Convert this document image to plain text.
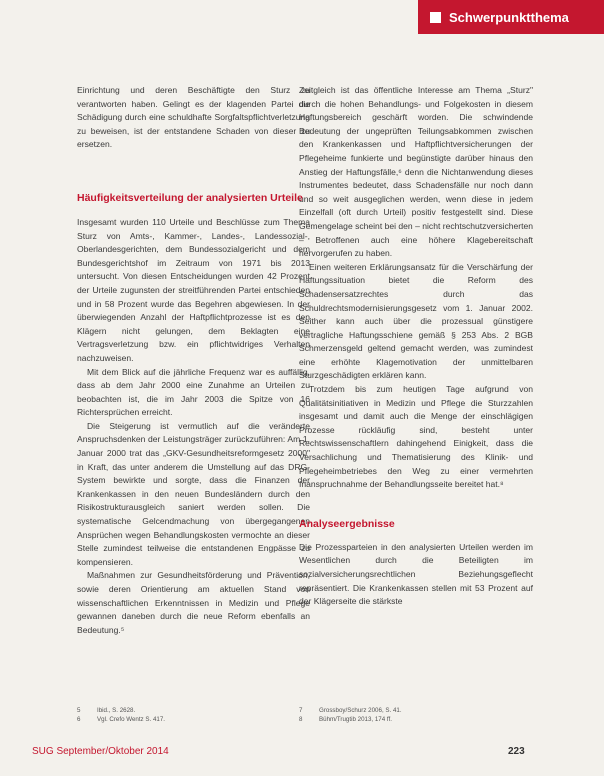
Schwerpunktthema

Einrichtung und deren Beschäftigte den Sturz zu verantworten haben. Gelingt es der klagenden Partei die Schädigung durch eine schuldhafte Sorgfaltspflichtverletzung zu beweisen, ist der entstandene Schaden von dieser zu ersetzen.

Häufigkeitsverteilung der analysierten Urteile

Insgesamt wurden 110 Urteile und Beschlüsse zum Thema Sturz von Amts-, Kammer-, Landes-, Landessozial-, Oberlandesgerichten, dem Bundessozialgericht und dem Bundesgerichtshof im Zeitraum von 1971 bis 2013 untersucht. Von diesen Entscheidungen wurden 42 Prozent der Urteile zugunsten der streitführenden Partei entschieden und in 58 Prozent wurde das Begehren abgewiesen. In der überwiegenden Anzahl der Haftpflichtprozesse ist es den Klägern nicht gelungen, dem Beklagten eine Vertragsverletzung bzw. ein pflichtwidriges Verhalten nachzuweisen.

Mit dem Blick auf die jährliche Frequenz war es auffällig, dass ab dem Jahr 2000 eine Zunahme an Urteilen zu beobachten ist, die im Jahr 2003 die Spitze von 16 Richtersprüchen erreicht.

Die Steigerung ist vermutlich auf die veränderte Anspruchsdenken der Leistungsträger zurückzuführen: Am 1. Januar 2000 trat das „GKV-Gesundheitsreformgesetz 2000" in Kraft, das unter anderem die Umstellung auf das DRG-System bewirkte und sorgte, dass die Finanzen der Krankenkassen in den neuen Bundesländern durch den Risikostrukturausgleich saniert werden sollen. Die systematische Gelcendmachung von übergegangenen Ansprüchen wegen Behandlungskosten vermochte an dieser Stelle zumindest teilweise die entstandenen Engpässe zu kompensieren.

Maßnahmen zur Gesundheitsförderung und Prävention, sowie deren Orientierung am aktuellen Stand von wissenschaftlichen Erkenntnissen in Medizin und Pflege gewannen daneben durch die neue Reform ebenfalls an Bedeutung.⁵

Zeitgleich ist das öffentliche Interesse am Thema „Sturz" durch die hohen Behandlungs- und Folgekosten in diesem Haftungsbereich geschärft worden. Die schwindende Bedeutung der ungeprüften Teilungsabkommen zwischen den Krankenkassen und Haftpflichtversicherungen der Pflegeheime funkierte und begünstigte darüber hinaus den Anstieg der Haftungsfälle,⁶ denn die Nichtanwendung dieses Instrumentes bedeutet, dass Schadensfälle nur noch dann und so weit ausgeglichen werden, wenn diese in jedem Einzelfall (oft durch Urteil) positiv festgestellt sind. Diese Gemengelage scheint bei den – nicht rechtschutzversicherten – Betroffenen auch eine höhere Klagebereitschaft hervorgerufen zu haben.

Einen weiteren Erklärungsansatz für die Verschärfung der Haftungssituation bietet die Reform des Schadensersatzrechtes durch das Schuldrechtsmodernisierungsgesetz vom 1. Januar 2002. Seither kann auch über die prozessual günstigere vertragliche Haftungsschiene gemäß § 253 Abs. 2 BGB Schmerzensgeld geltend gemacht werden, was zumindest eine erhöhte Klagemotivation der unmittelbaren Sturzgeschädigten erklären kann.

Trotzdem bis zum heutigen Tage aufgrund von Qualitätsinitiativen in Medizin und Pflege die Sturzzahlen insgesamt und damit auch die Menge der einschlägigen Prozesse rückläufig sind, besteht unter Rechtswissenschaftlern dahingehend Einigkeit, dass die Versachlichung und Thematisierung des Klinik- und Pflegeheimbetriebes den Weg zu einer vermehrten Inanspruchnahme der Behandlungsseite bereitet hat.⁸

Analyseergebnisse

Die Prozessparteien in den analysierten Urteilen werden im Wesentlichen durch die Beteiligten im sozialversicherungsrechtlichen Beziehungsgeflecht repräsentiert. Die Krankenkassen stellen mit 53 Prozent auf der Klägerseite die stärkste

5	Ibid., S. 2628.
6	Vgl. Crefo Wentz S. 417.
7	Grossboy/Schurz 2006, S. 41.
8	Bühm/Trugtib 2013, 174 ff.
SUG September/Oktober 2014	223
